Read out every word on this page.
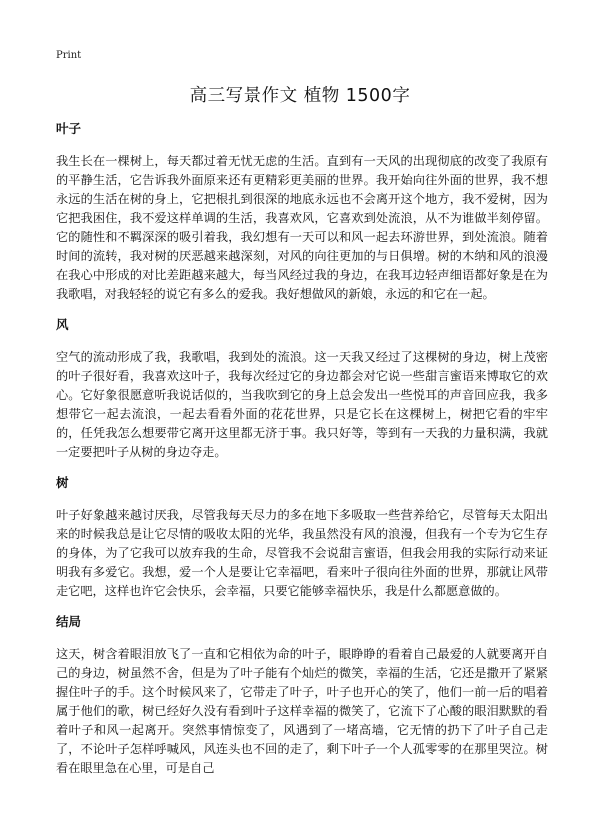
Print
高三写景作文 植物 1500字
叶子

我生长在一棵树上，每天都过着无忧无虑的生活。直到有一天风的出现彻底的改变了我原有的平静生活，它告诉我外面原来还有更精彩更美丽的世界。我开始向往外面的世界，我不想永远的生活在树的身上，它把根扎到很深的地底永远也不会离开这个地方，我不爱树，因为它把我困住，我不爱这样单调的生活，我喜欢风，它喜欢到处流浪，从不为谁做半刻停留。它的随性和不羁深深的吸引着我，我幻想有一天可以和风一起去环游世界，到处流浪。随着时间的流转，我对树的厌恶越来越深刻，对风的向往更加的与日俱增。树的木纳和风的浪漫在我心中形成的对比差距越来越大，每当风经过我的身边，在我耳边轻声细语都好象是在为我歌唱，对我轻轻的说它有多么的爱我。我好想做风的新娘，永远的和它在一起。

风

空气的流动形成了我，我歌唱，我到处的流浪。这一天我又经过了这棵树的身边，树上茂密的叶子很好看，我喜欢这叶子，我每次经过它的身边都会对它说一些甜言蜜语来博取它的欢心。它好象很愿意听我说话似的，当我吹到它的身上总会发出一些悦耳的声音回应我，我多想带它一起去流浪，一起去看看外面的花花世界，只是它长在这棵树上，树把它看的牢牢的，任凭我怎么想要带它离开这里都无济于事。我只好等，等到有一天我的力量积满，我就一定要把叶子从树的身边夺走。

树

叶子好象越来越讨厌我，尽管我每天尽力的多在地下多吸取一些营养给它，尽管每天太阳出来的时候我总是让它尽情的吸收太阳的光华，我虽然没有风的浪漫，但我有一个专为它生存的身体，为了它我可以放弃我的生命，尽管我不会说甜言蜜语，但我会用我的实际行动来证明我有多爱它。我想，爱一个人是要让它幸福吧，看来叶子很向往外面的世界，那就让风带走它吧，这样也许它会快乐，会幸福，只要它能够幸福快乐，我是什么都愿意做的。

结局

这天，树含着眼泪放飞了一直和它相依为命的叶子，眼睁睁的看着自己最爱的人就要离开自己的身边，树虽然不舍，但是为了叶子能有个灿烂的微笑，幸福的生活，它还是撒开了紧紧握住叶子的手。这个时候风来了，它带走了叶子，叶子也开心的笑了，他们一前一后的唱着属于他们的歌，树已经好久没有看到叶子这样幸福的微笑了，它流下了心酸的眼泪默默的看着叶子和风一起离开。突然事情惊变了，风遇到了一堵高墙，它无情的扔下了叶子自己走了，不论叶子怎样呼喊风，风连头也不回的走了，剩下叶子一个人孤零零的在那里哭泣。树看在眼里急在心里，可是自己
